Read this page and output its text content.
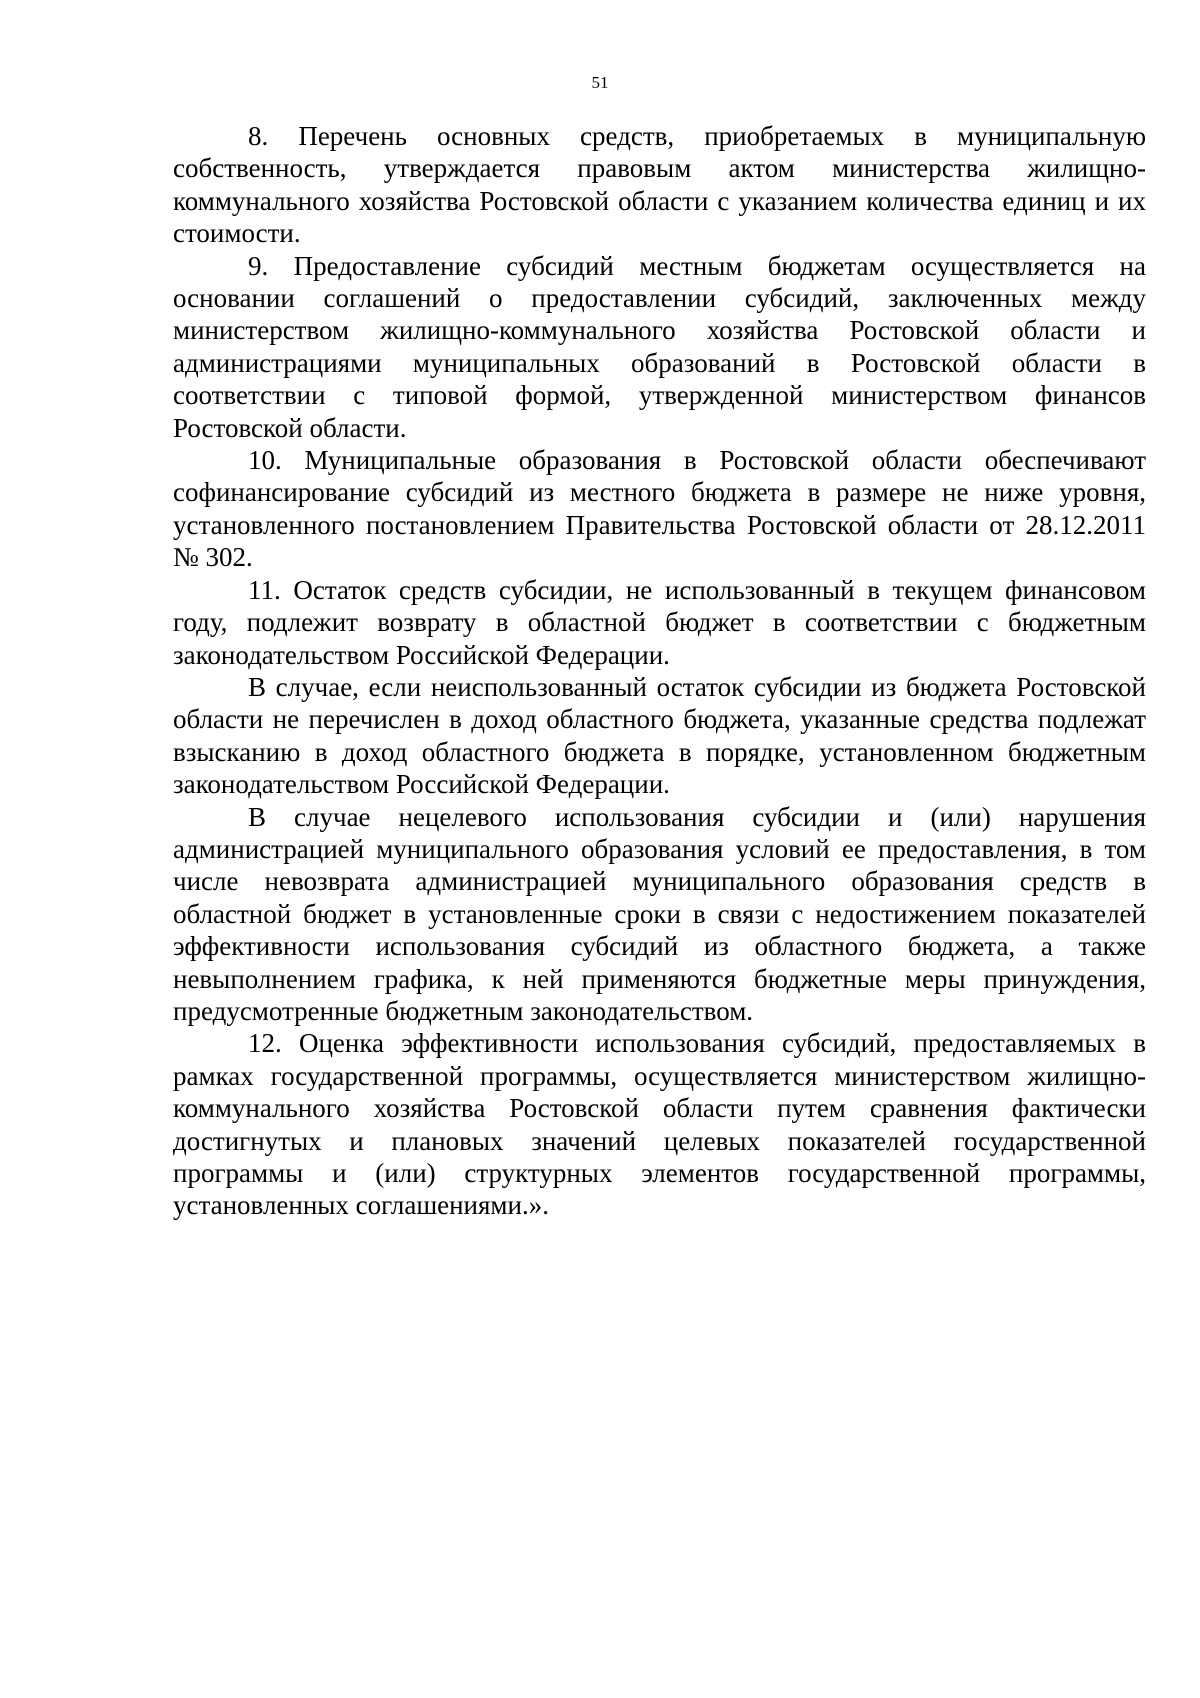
51

8. Перечень основных средств, приобретаемых в муниципальную собственность, утверждается правовым актом министерства жилищно-коммунального хозяйства Ростовской области с указанием количества единиц и их стоимости.

9. Предоставление субсидий местным бюджетам осуществляется на основании соглашений о предоставлении субсидий, заключенных между министерством жилищно-коммунального хозяйства Ростовской области и администрациями муниципальных образований в Ростовской области в соответствии с типовой формой, утвержденной министерством финансов Ростовской области.

10. Муниципальные образования в Ростовской области обеспечивают софинансирование субсидий из местного бюджета в размере не ниже уровня, установленного постановлением Правительства Ростовской области от 28.12.2011 № 302.

11. Остаток средств субсидии, не использованный в текущем финансовом году, подлежит возврату в областной бюджет в соответствии с бюджетным законодательством Российской Федерации.

В случае, если неиспользованный остаток субсидии из бюджета Ростовской области не перечислен в доход областного бюджета, указанные средства подлежат взысканию в доход областного бюджета в порядке, установленном бюджетным законодательством Российской Федерации.

В случае нецелевого использования субсидии и (или) нарушения администрацией муниципального образования условий ее предоставления, в том числе невозврата администрацией муниципального образования средств в областной бюджет в установленные сроки в связи с недостижением показателей эффективности использования субсидий из областного бюджета, а также невыполнением графика, к ней применяются бюджетные меры принуждения, предусмотренные бюджетным законодательством.

12. Оценка эффективности использования субсидий, предоставляемых в рамках государственной программы, осуществляется министерством жилищно-коммунального хозяйства Ростовской области путем сравнения фактически достигнутых и плановых значений целевых показателей государственной программы и (или) структурных элементов государственной программы, установленных соглашениями.».
